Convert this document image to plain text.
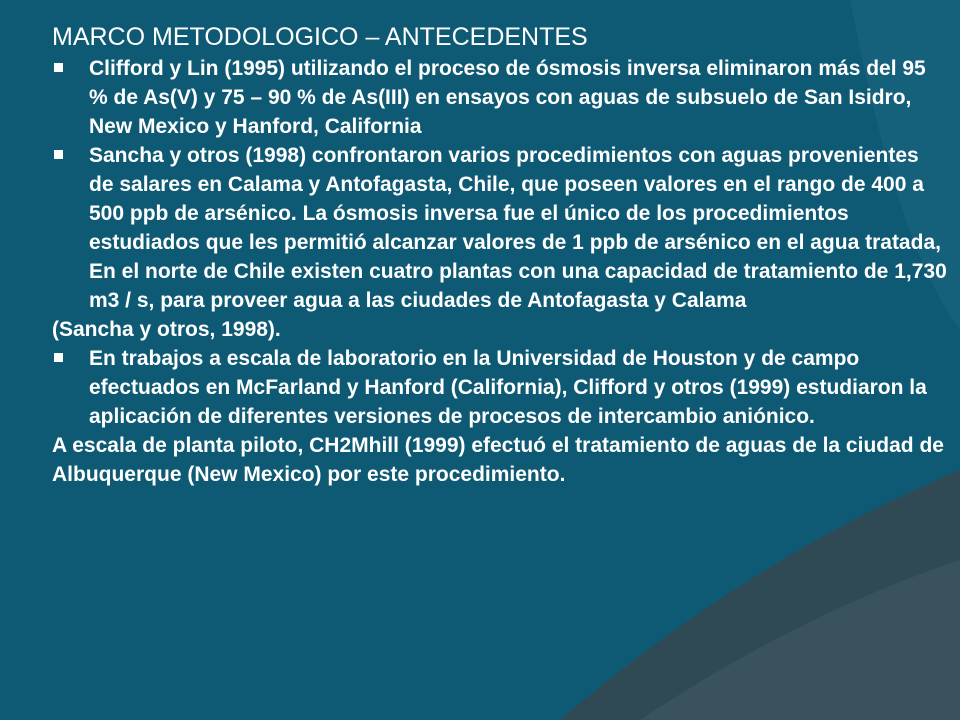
MARCO METODOLOGICO – ANTECEDENTES
Clifford y Lin (1995) utilizando el proceso de ósmosis inversa eliminaron más del 95 % de As(V) y 75 – 90 % de As(III) en ensayos con aguas de subsuelo de San Isidro, New Mexico y Hanford, California
Sancha y otros (1998) confrontaron varios procedimientos con aguas provenientes de salares en Calama y Antofagasta, Chile, que poseen valores en el rango de 400 a 500 ppb de arsénico. La ósmosis inversa fue el único de los procedimientos estudiados que les permitió alcanzar valores de 1 ppb de arsénico en el agua tratada, En el norte de Chile existen cuatro plantas con una capacidad de tratamiento de 1,730 m3 / s, para proveer agua a las ciudades de Antofagasta y Calama
(Sancha y otros, 1998).
En trabajos a escala de laboratorio en la Universidad de Houston y de campo efectuados en McFarland y Hanford (California), Clifford y otros (1999) estudiaron la aplicación de diferentes versiones de procesos de intercambio aniónico.
A escala de planta piloto, CH2Mhill (1999) efectuó el tratamiento de aguas de la ciudad de Albuquerque (New Mexico) por este procedimiento.
